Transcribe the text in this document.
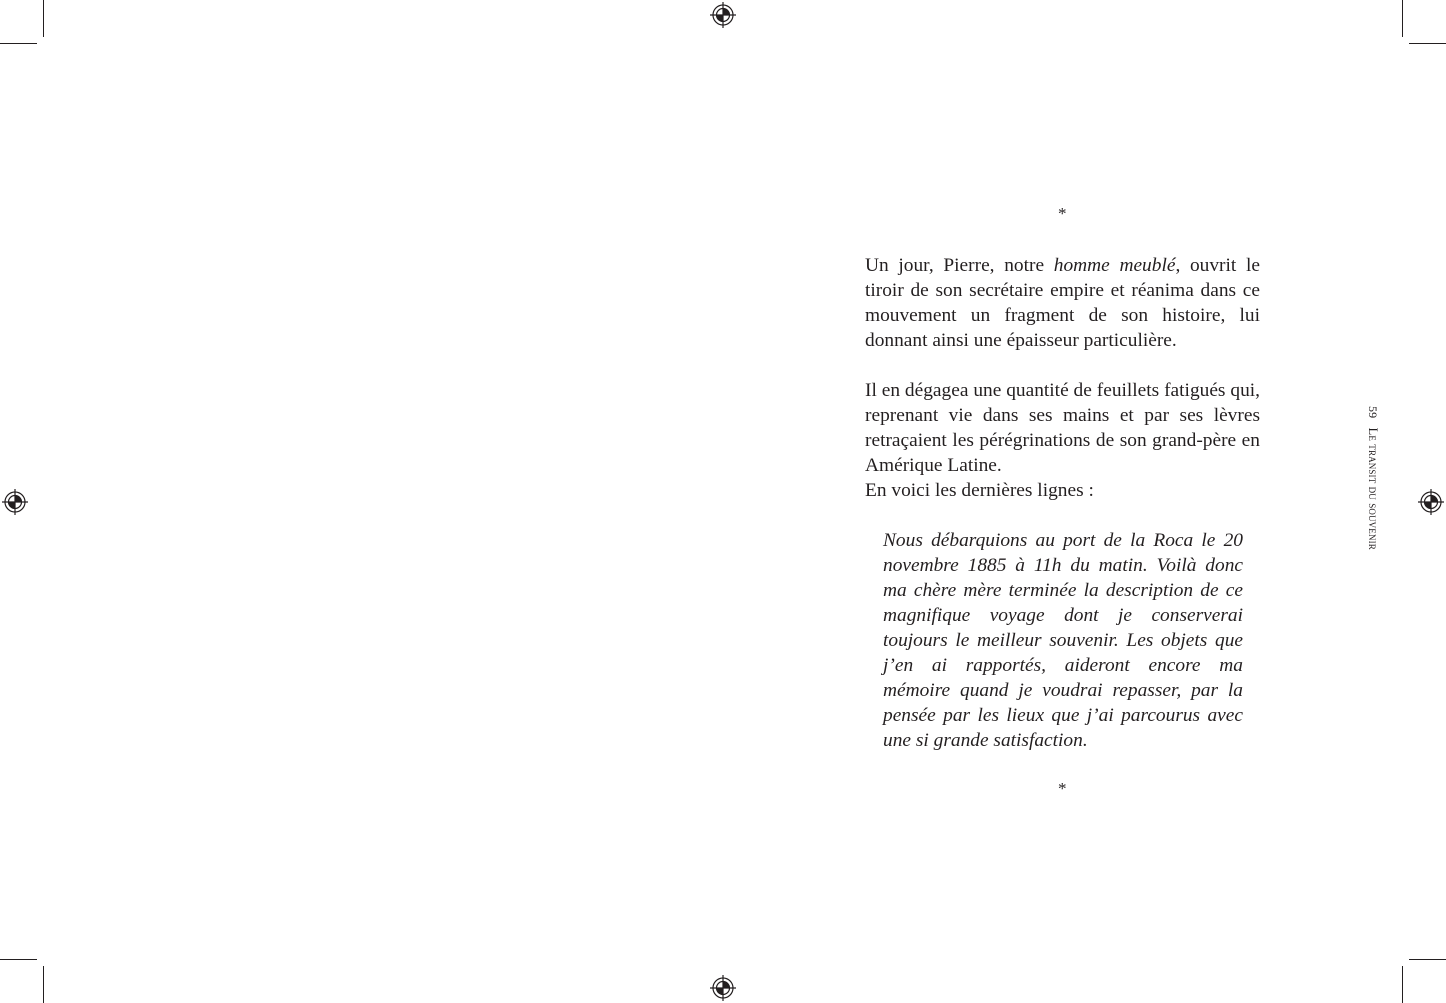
*

Un jour, Pierre, notre homme meublé, ouvrit le tiroir de son secrétaire empire et réanima dans ce mouvement un fragment de son histoire, lui donnant ainsi une épaisseur particulière.

Il en dégagea une quantité de feuillets fatigués qui, reprenant vie dans ses mains et par ses lèvres retraçaient les pérégrinations de son grand-père en Amérique Latine.

En voici les dernières lignes :

Nous débarquions au port de la Roca le 20 novembre 1885 à 11h du matin. Voilà donc ma chère mère terminée la description de ce magnifique voyage dont je conserverai toujours le meilleur souvenir. Les objets que j’en ai rapportés, aideront encore ma mémoire quand je voudrai repasser, par la pensée par les lieux que j’ai parcourus avec une si grande satisfaction.

*
59 Le transit du souvenir
